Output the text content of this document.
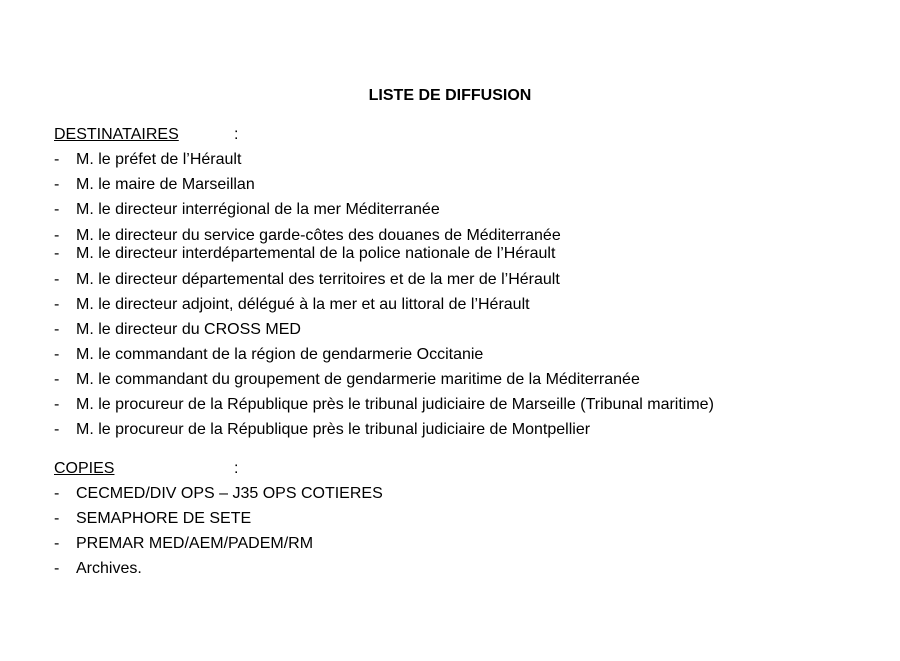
LISTE DE DIFFUSION
DESTINATAIRES	:
- M. le préfet de l’Hérault
- M. le maire de Marseillan
- M. le directeur interrégional de la mer Méditerranée
- M. le directeur du service garde-côtes des douanes de Méditerranée
- M. le directeur interdépartemental de la police nationale de l’Hérault
- M. le directeur départemental des territoires et de la mer de l’Hérault
- M. le directeur adjoint, délégué à la mer et au littoral de l’Hérault
- M. le directeur du CROSS MED
- M. le commandant de la région de gendarmerie Occitanie
- M. le commandant du groupement de gendarmerie maritime de la Méditerranée
- M. le procureur de la République près le tribunal judiciaire de Marseille (Tribunal maritime)
- M. le procureur de la République près le tribunal judiciaire de Montpellier
COPIES	:
- CECMED/DIV OPS – J35 OPS COTIERES
- SEMAPHORE DE SETE
- PREMAR MED/AEM/PADEM/RM
- Archives.
